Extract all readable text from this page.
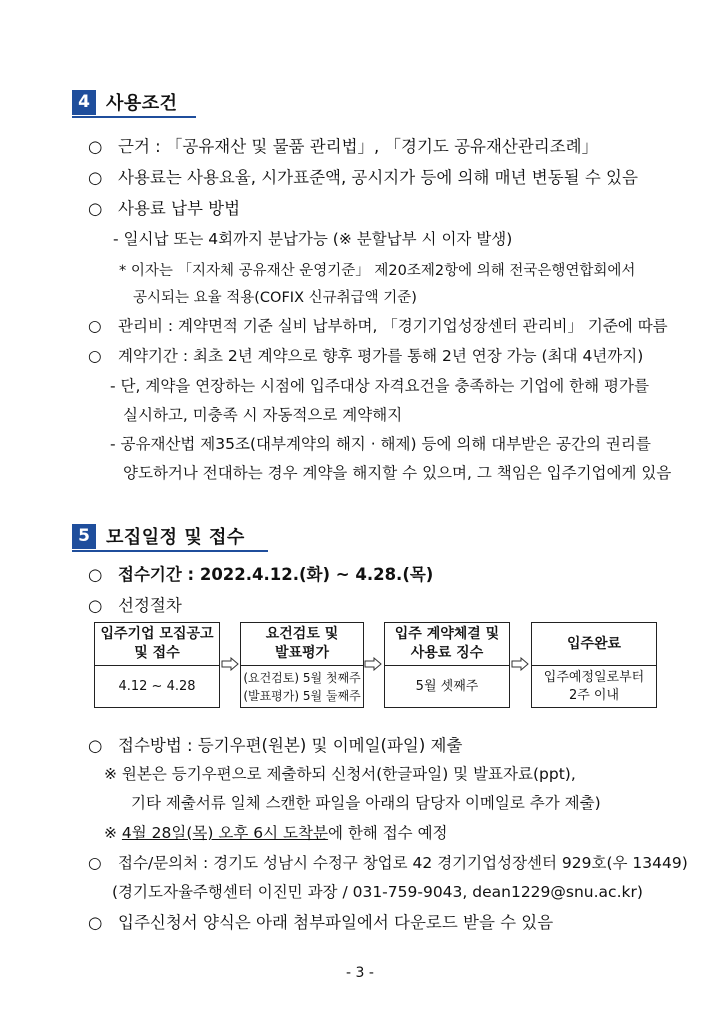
4 사용조건
○ 근거 : 「공유재산 및 물품 관리법」, 「경기도 공유재산관리조례」
○ 사용료는 사용요율, 시가표준액, 공시지가 등에 의해 매년 변동될 수 있음
○ 사용료 납부 방법
- 일시납 또는 4회까지 분납가능 (※ 분할납부 시 이자 발생)
* 이자는 「지자체 공유재산 운영기준」 제20조제2항에 의해 전국은행연합회에서
공시되는 요율 적용(COFIX 신규취급액 기준)
○ 관리비 : 계약면적 기준 실비 납부하며, 「경기기업성장센터 관리비」 기준에 따름
○ 계약기간 : 최초 2년 계약으로 향후 평가를 통해 2년 연장 가능 (최대 4년까지)
- 단, 계약을 연장하는 시점에 입주대상 자격요건을 충족하는 기업에 한해 평가를
실시하고, 미충족 시 자동적으로 계약해지
- 공유재산법 제35조(대부계약의 해지 · 해제) 등에 의해 대부받은 공간의 권리를
양도하거나 전대하는 경우 계약을 해지할 수 있으며, 그 책임은 입주기업에게 있음
5 모집일정 및 접수
○ 접수기간 : 2022.4.12.(화) ~ 4.28.(목)
○ 선정절차
입주기업 모집공고
및 접수
4.12 ~ 4.28
요건검토 및
발표평가
(요건검토) 5월 첫째주
(발표평가) 5월 둘째주
입주 계약체결 및
사용료 징수
5월 셋째주
입주완료
입주예정일로부터
2주 이내
○ 접수방법 : 등기우편(원본) 및 이메일(파일) 제출
※ 원본은 등기우편으로 제출하되 신청서(한글파일) 및 발표자료(ppt),
기타 제출서류 일체 스캔한 파일을 아래의 담당자 이메일로 추가 제출)
※ 4월 28일(목) 오후 6시 도착분에 한해 접수 예정
○ 접수/문의처 : 경기도 성남시 수정구 창업로 42 경기기업성장센터 929호(우 13449)
(경기도자율주행센터 이진민 과장 / 031-759-9043, dean1229@snu.ac.kr)
○ 입주신청서 양식은 아래 첨부파일에서 다운로드 받을 수 있음
- 3 -
